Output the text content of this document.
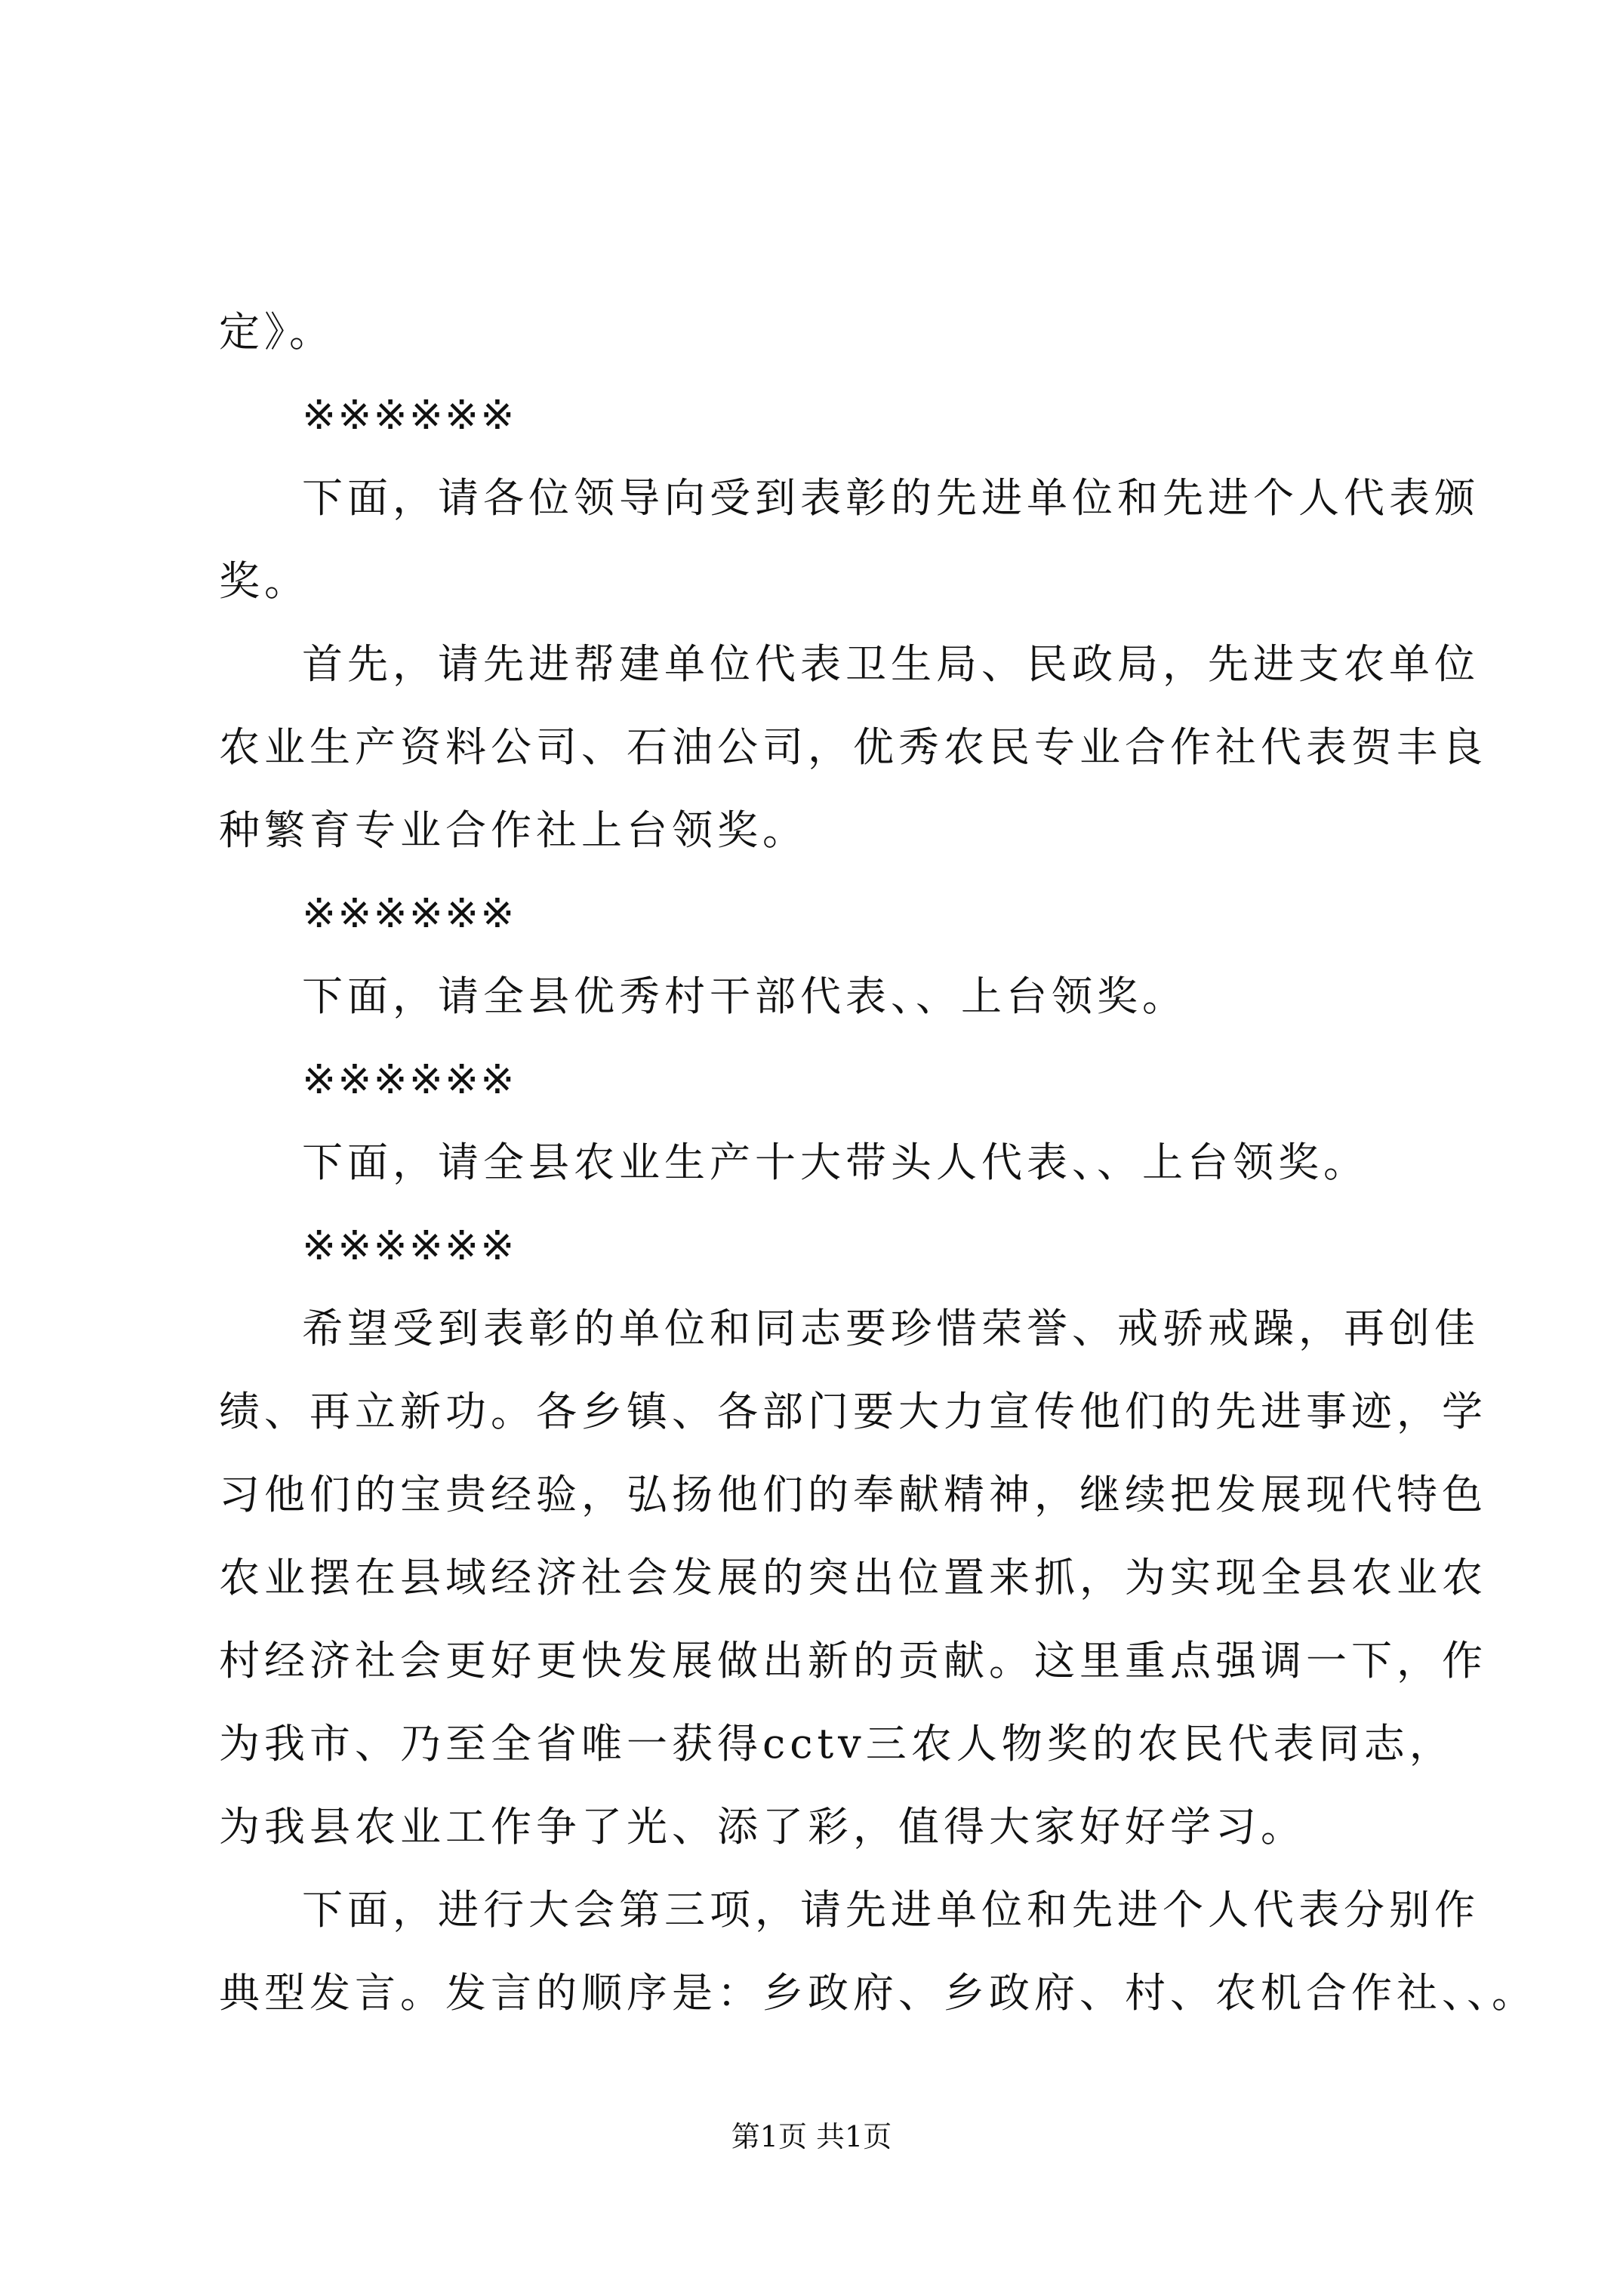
定》。
※※※※※※
下面，请各位领导向受到表彰的先进单位和先进个人代表颁
奖。
首先，请先进帮建单位代表卫生局、民政局，先进支农单位
农业生产资料公司、石油公司，优秀农民专业合作社代表贺丰良
种繁育专业合作社上台领奖。
※※※※※※
下面，请全县优秀村干部代表、、上台领奖。
※※※※※※
下面，请全县农业生产十大带头人代表、、上台领奖。
※※※※※※
希望受到表彰的单位和同志要珍惜荣誉、戒骄戒躁，再创佳
绩、再立新功。各乡镇、各部门要大力宣传他们的先进事迹，学
习他们的宝贵经验，弘扬他们的奉献精神，继续把发展现代特色
农业摆在县域经济社会发展的突出位置来抓，为实现全县农业农
村经济社会更好更快发展做出新的贡献。这里重点强调一下，作
为我市、乃至全省唯一获得cctv三农人物奖的农民代表同志，
为我县农业工作争了光、添了彩，值得大家好好学习。
下面，进行大会第三项，请先进单位和先进个人代表分别作
典型发言。发言的顺序是：乡政府、乡政府、村、农机合作社、、。
第1页 共1页
